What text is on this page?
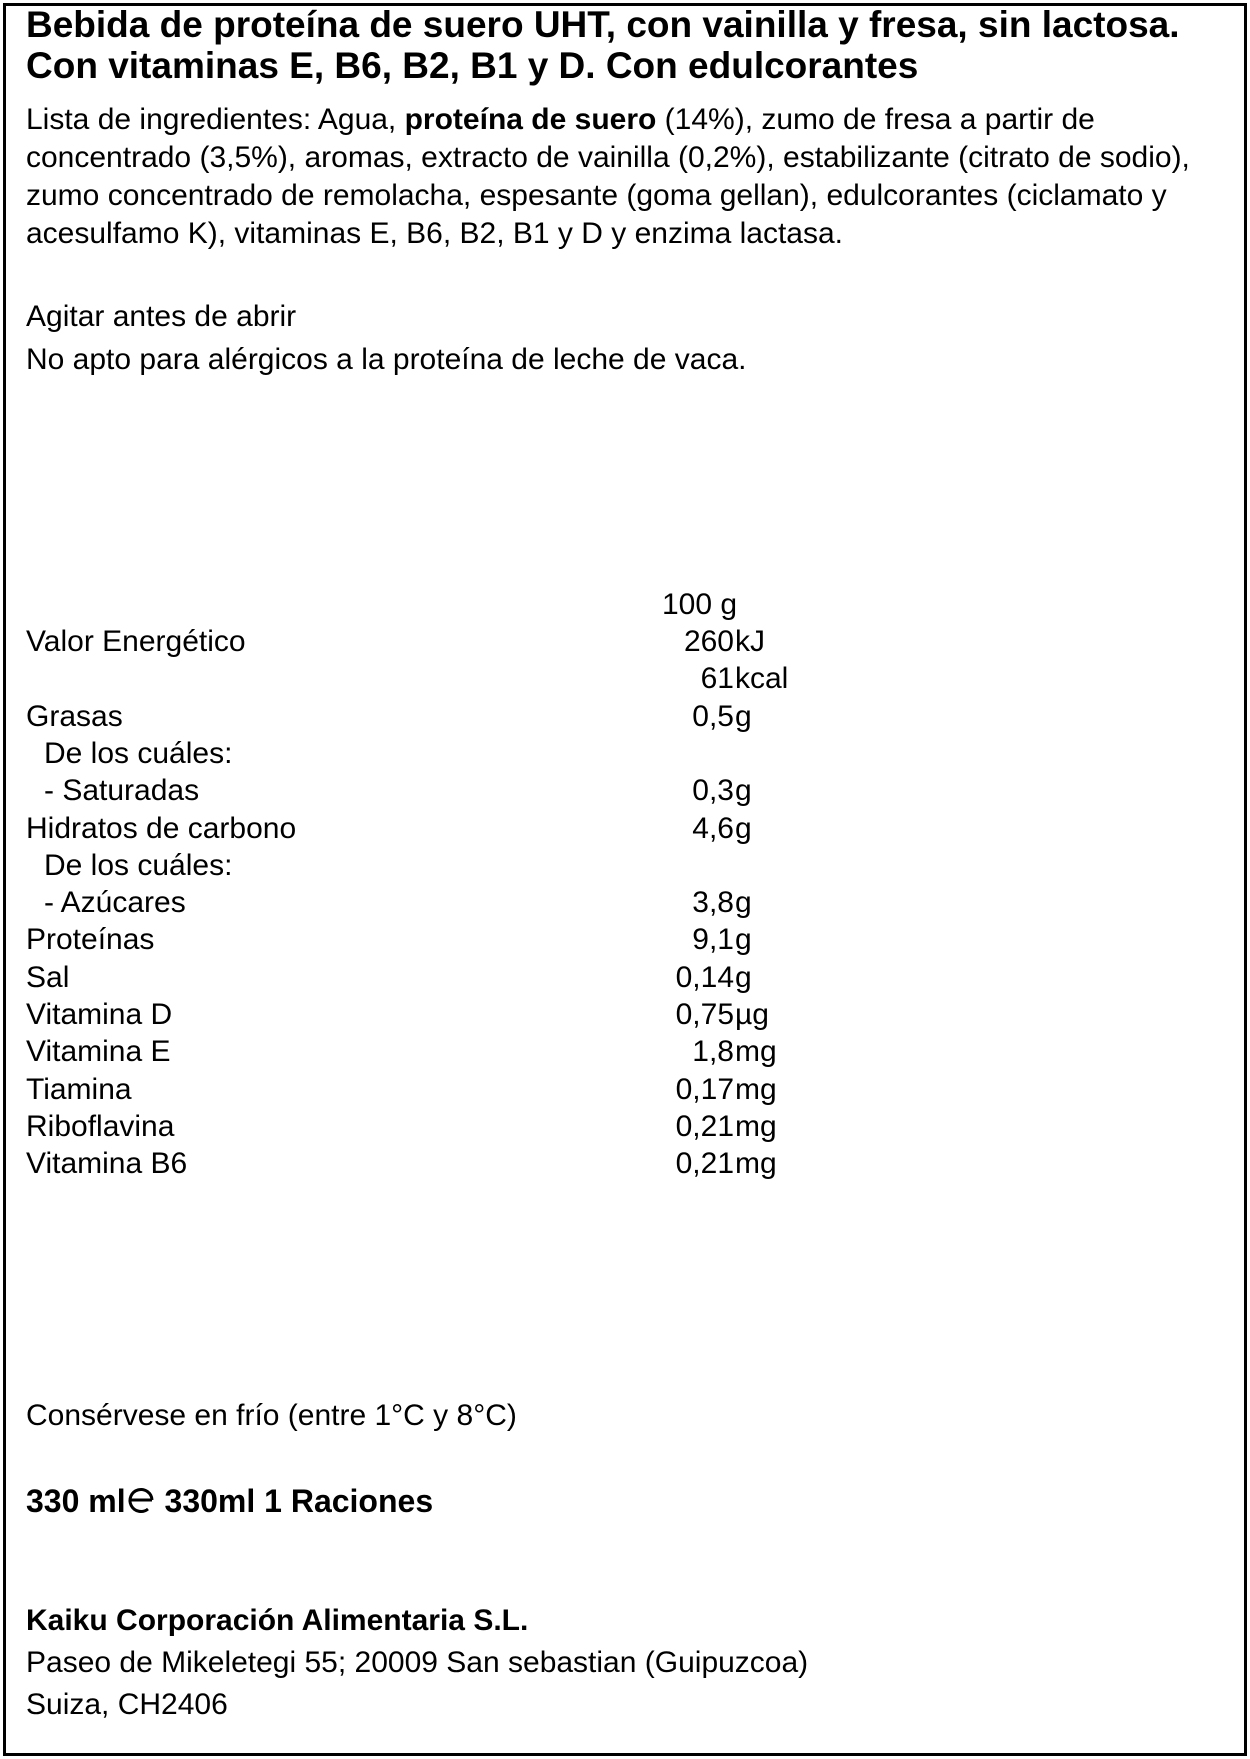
Bebida de proteína de suero UHT, con vainilla y fresa, sin lactosa. Con vitaminas E, B6, B2, B1 y D. Con edulcorantes
Lista de ingredientes: Agua, proteína de suero (14%), zumo de fresa a partir de concentrado (3,5%), aromas, extracto de vainilla (0,2%), estabilizante (citrato de sodio), zumo concentrado de remolacha, espesante (goma gellan), edulcorantes (ciclamato y acesulfamo K), vitaminas E, B6, B2, B1 y D y enzima lactasa.
Agitar antes de abrir
No apto para alérgicos a la proteína de leche de vaca.
100 g
Valor Energético	260 kJ
61 kcal
Grasas	0,5 g
De los cuáles:
- Saturadas	0,3 g
Hidratos de carbono	4,6 g
De los cuáles:
- Azúcares	3,8 g
Proteínas	9,1 g
Sal	0,14 g
Vitamina D	0,75 µg
Vitamina E	1,8 mg
Tiamina	0,17 mg
Riboflavina	0,21 mg
Vitamina B6	0,21 mg
Consérvese en frío (entre 1°C y 8°C)
330 ml 330ml 1 Raciones
Kaiku Corporación Alimentaria S.L.
Paseo de Mikeletegi 55; 20009 San sebastian (Guipuzcoa)
Suiza, CH2406
